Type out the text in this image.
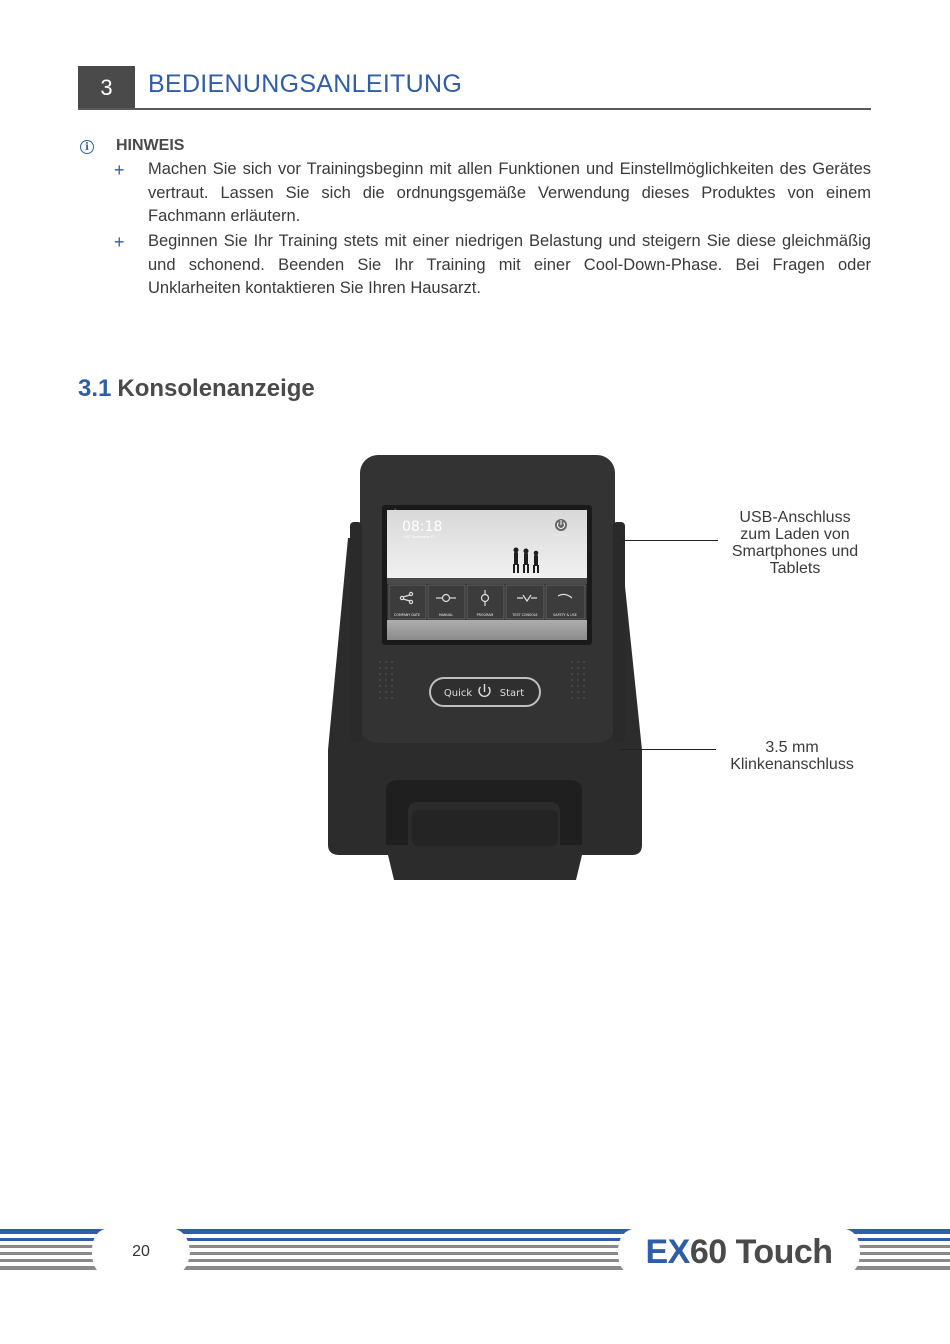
3	BEDIENUNGSANLEITUNG
i	HINWEIS
+ Machen Sie sich vor Trainingsbeginn mit allen Funktionen und Einstellmöglichkeiten des Gerätes vertraut. Lassen Sie sich die ordnungsgemäße Verwendung dieses Produktes von einem Fachmann erläutern.
+ Beginnen Sie Ihr Training stets mit einer niedrigen Belastung und steigern Sie diese gleichmäßig und schonend. Beenden Sie Ihr Training mit einer Cool-Down-Phase. Bei Fragen oder Unklarheiten kontaktieren Sie Ihren Hausarzt.
3.1 Konsolenanzeige
COMPANY DATE	MANUAL	PROGRAM	TEST CONSOLE	SAFETY & USE
08:18
SAT December 01
˅
Quick Start
Quick	Start
USB-Anschluss
zum Laden von
Smartphones und
Tablets
3.5 mm
Klinkenanschluss
20	EX 60 Touch
